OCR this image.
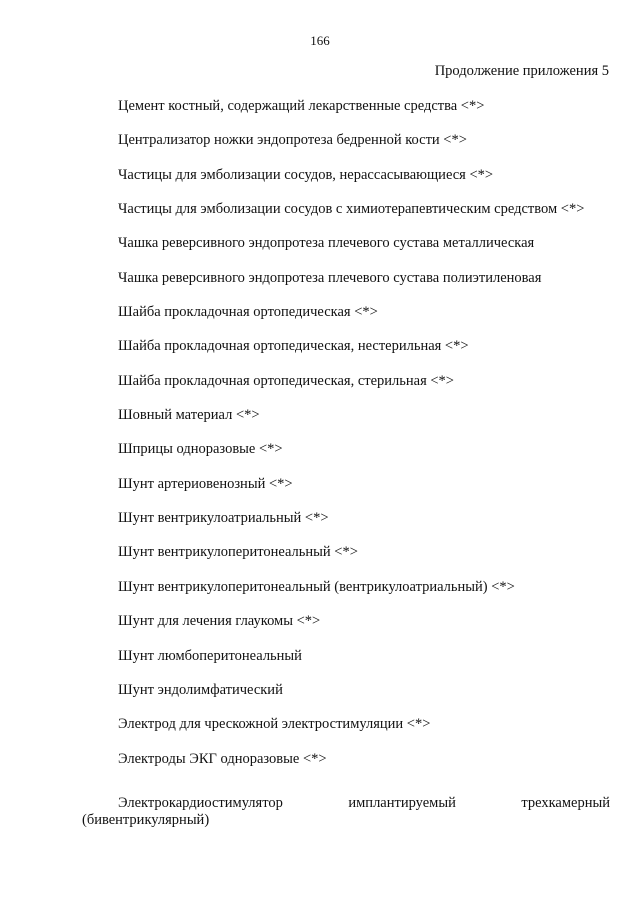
166
Продолжение приложения 5
Цемент костный, содержащий лекарственные средства <*>
Централизатор ножки эндопротеза бедренной кости <*>
Частицы для эмболизации сосудов, нерассасывающиеся <*>
Частицы для эмболизации сосудов с химиотерапевтическим средством <*>
Чашка реверсивного эндопротеза плечевого сустава металлическая
Чашка реверсивного эндопротеза плечевого сустава полиэтиленовая
Шайба прокладочная ортопедическая <*>
Шайба прокладочная ортопедическая, нестерильная <*>
Шайба прокладочная ортопедическая, стерильная <*>
Шовный материал <*>
Шприцы одноразовые <*>
Шунт артериовенозный <*>
Шунт вентрикулоатриальный <*>
Шунт вентрикулоперитонеальный <*>
Шунт вентрикулоперитонеальный (вентрикулоатриальный) <*>
Шунт для лечения глаукомы <*>
Шунт люмбоперитонеальный
Шунт эндолимфатический
Электрод для чрескожной электростимуляции <*>
Электроды ЭКГ одноразовые <*>
Электрокардиостимулятор	имплантируемый	трехкамерный
(бивентрикулярный)
